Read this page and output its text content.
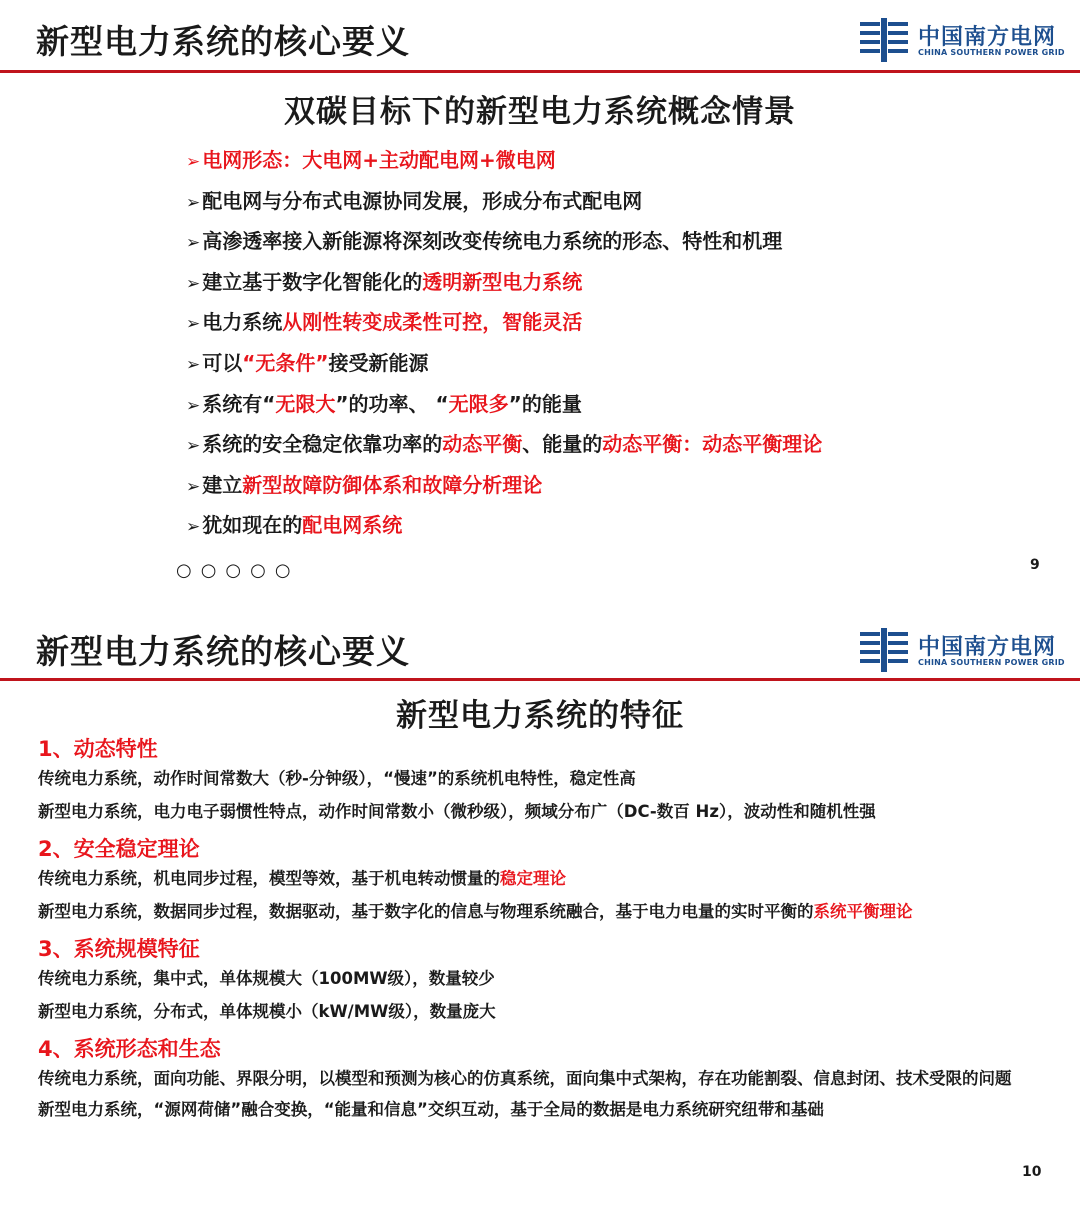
新型电力系统的核心要义	中国南方电网
CHINA SOUTHERN POWER GRID
双碳目标下的新型电力系统概念情景
➢ 电网形态：大电网+主动配电网+微电网
➢ 配电网与分布式电源协同发展，形成分布式配电网
➢ 高渗透率接入新能源将深刻改变传统电力系统的形态、特性和机理
➢ 建立基于数字化智能化的透明新型电力系统
➢ 电力系统从刚性转变成柔性可控，智能灵活
➢ 可以“无条件”接受新能源
➢ 系统有“无限大”的功率、 “无限多”的能量
➢ 系统的安全稳定依靠功率的动态平衡、能量的动态平衡：动态平衡理论
➢ 建立新型故障防御体系和故障分析理论
➢ 犹如现在的配电网系统
○○○○○	9
新型电力系统的核心要义	中国南方电网
CHINA SOUTHERN POWER GRID
新型电力系统的特征
1、动态特性
传统电力系统，动作时间常数大（秒-分钟级），“慢速”的系统机电特性，稳定性高
新型电力系统，电力电子弱惯性特点，动作时间常数小（微秒级），频域分布广（DC-数百 Hz），波动性和随机性强
2、安全稳定理论
传统电力系统，机电同步过程，模型等效，基于机电转动惯量的稳定理论
新型电力系统，数据同步过程，数据驱动，基于数字化的信息与物理系统融合，基于电力电量的实时平衡的系统平衡理论
3、系统规模特征
传统电力系统，集中式，单体规模大（100MW级），数量较少
新型电力系统，分布式，单体规模小（kW/MW级），数量庞大
4、系统形态和生态
传统电力系统，面向功能、界限分明，以模型和预测为核心的仿真系统，面向集中式架构，存在功能割裂、信息封闭、技术受限的问题
新型电力系统，“源网荷储”融合变换，“能量和信息”交织互动，基于全局的数据是电力系统研究纽带和基础
10
